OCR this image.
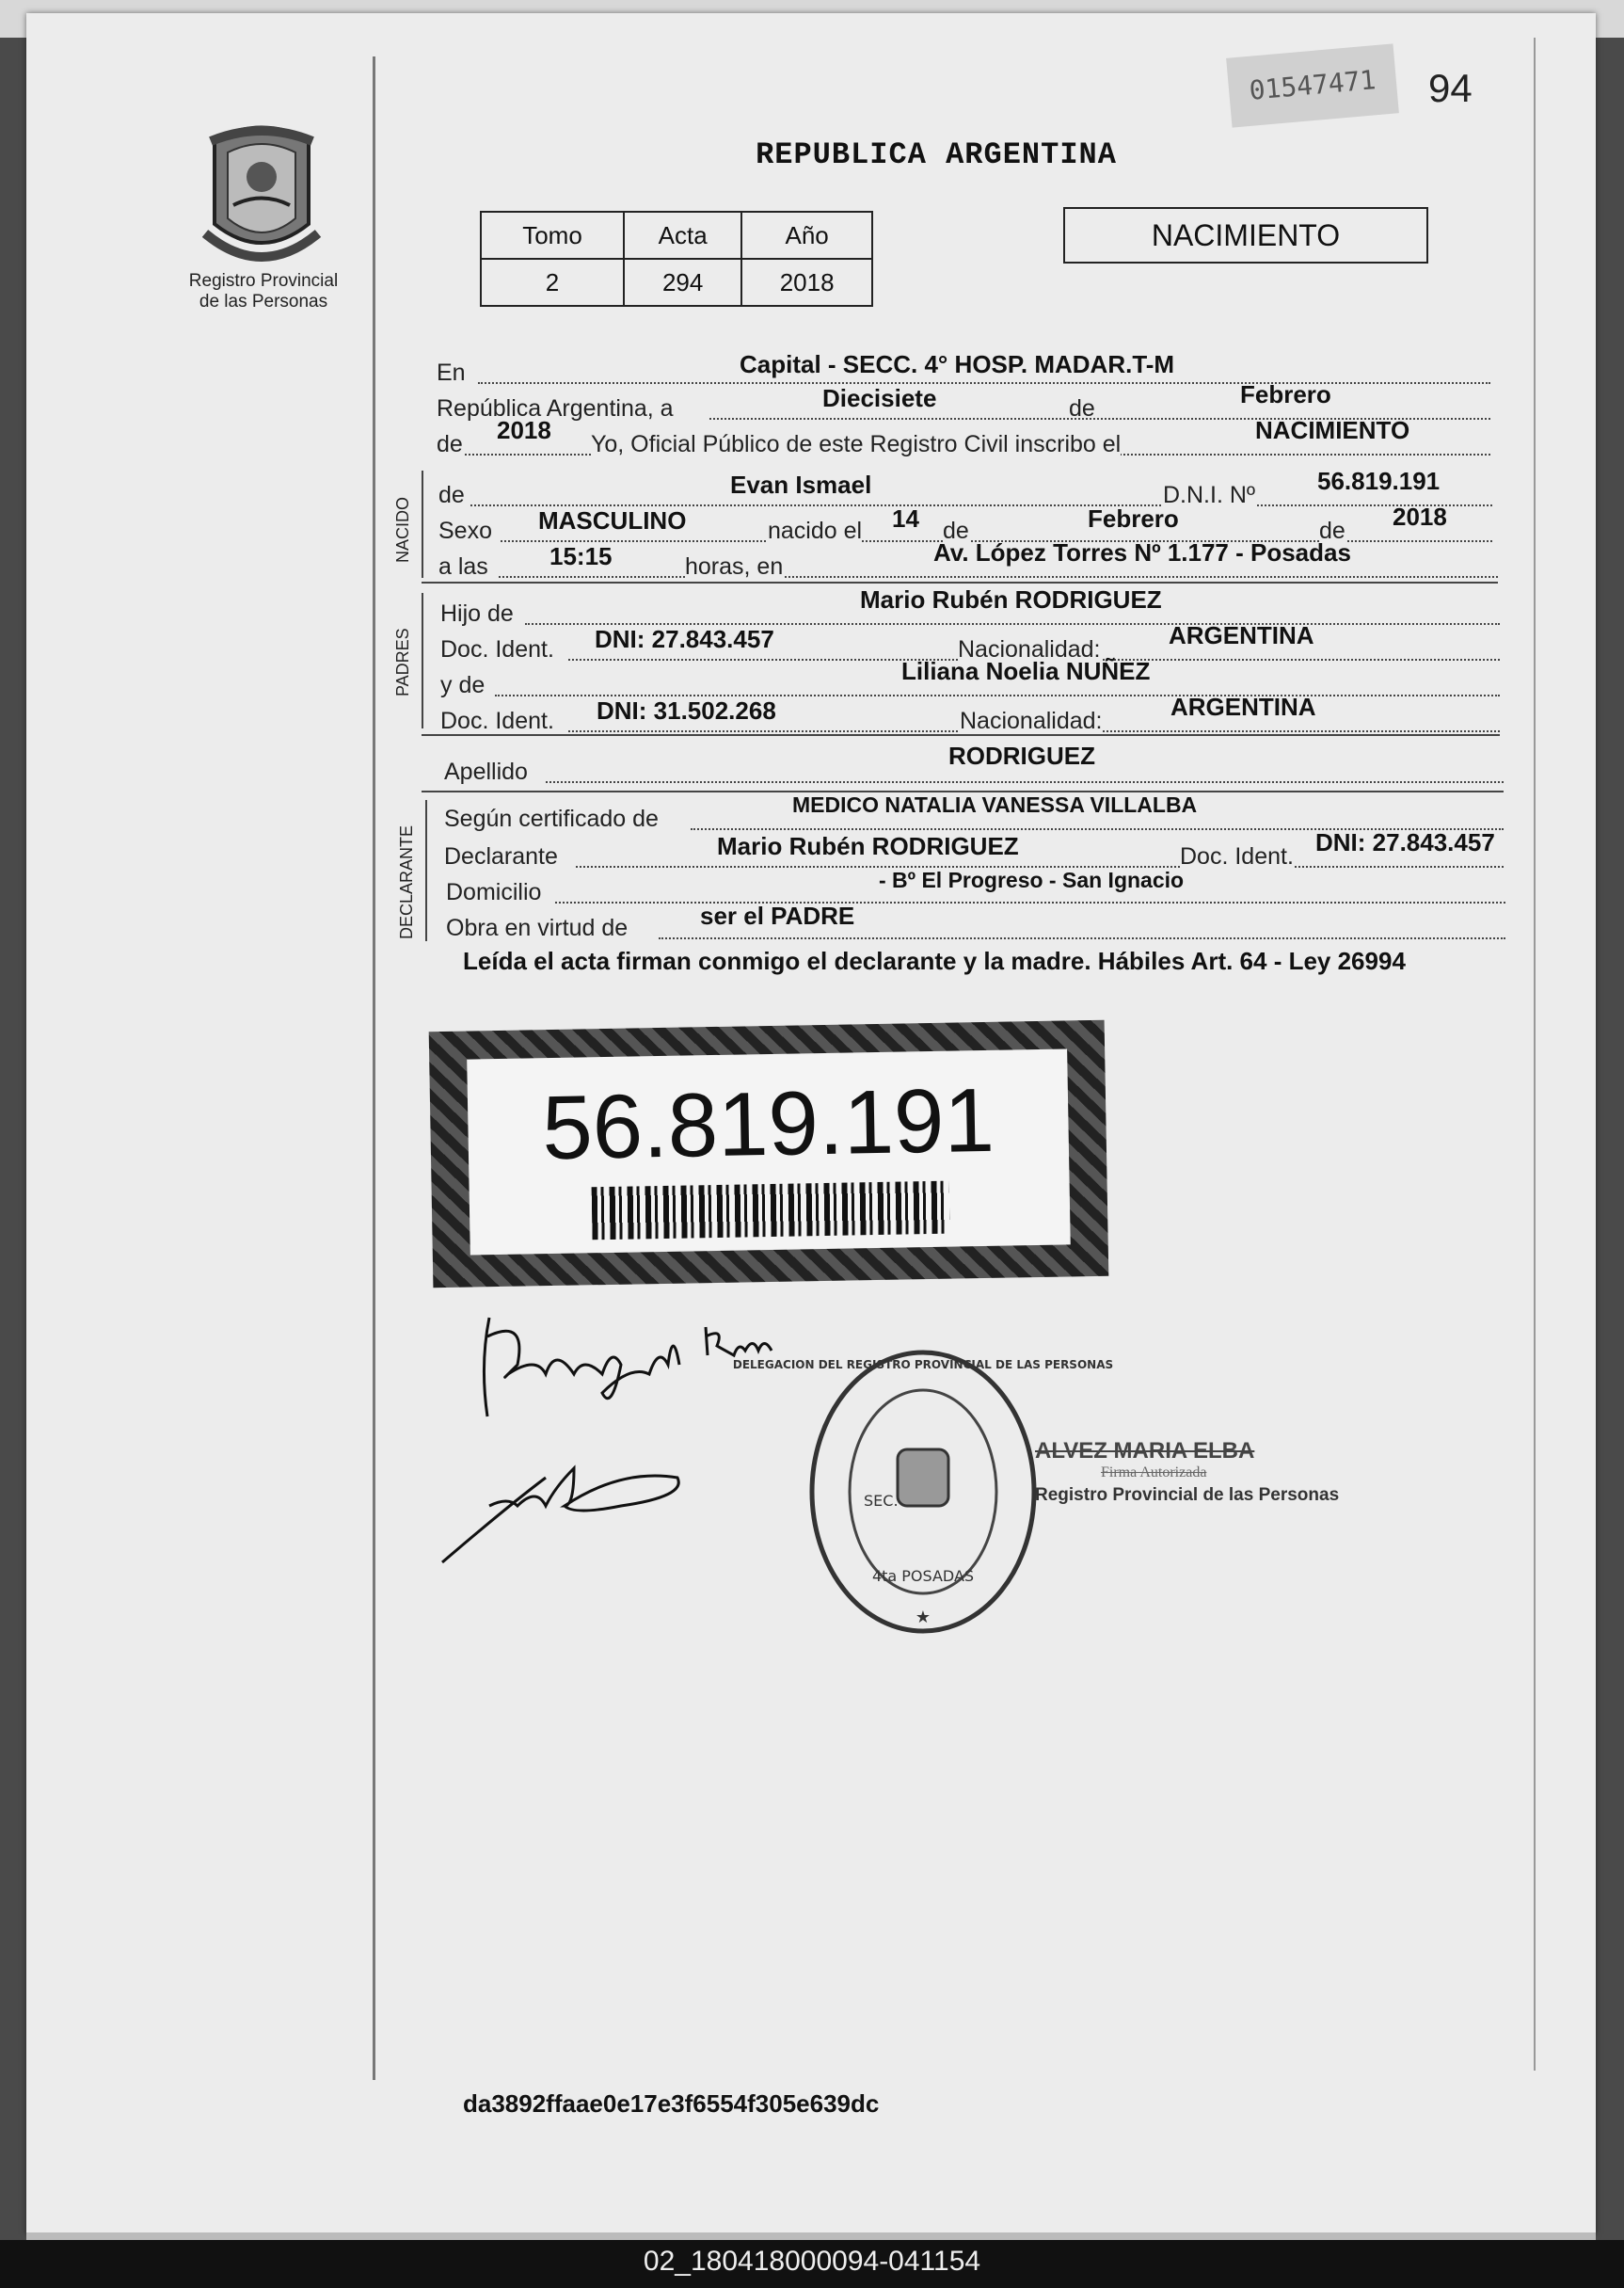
Registro Provincial
de las Personas
REPUBLICA ARGENTINA
01547471	94
Tomo	Acta	Año
2	294	2018
NACIMIENTO
En	Capital - SECC. 4° HOSP. MADAR.T-M
República Argentina, a	Diecisiete	de	Febrero
de 2018 Yo, Oficial Público de este Registro Civil inscribo el	NACIMIENTO
NACIDO
de	Evan Ismael	D.N.I. Nº	56.819.191
Sexo MASCULINO	nacido el 14 de	Febrero	de 2018
a las	15:15	horas, en	Av. López Torres Nº 1.177 - Posadas
PADRES
Hijo de	Mario Rubén RODRIGUEZ
Doc. Ident. DNI: 27.843.457	Nacionalidad:	ARGENTINA
y de	Liliana Noelia NUÑEZ
Doc. Ident. DNI: 31.502.268	Nacionalidad:	ARGENTINA
Apellido
RODRIGUEZ
DECLARANTE
Según certificado de
MEDICO NATALIA VANESSA VILLALBA
Declarante	Mario Rubén RODRIGUEZ	Doc. Ident. DNI: 27.843.457
Domicilio	- Bº El Progreso - San Ignacio
Obra en virtud de	ser el PADRE
Leída el acta firman conmigo el declarante y la madre. Hábiles Art. 64 - Ley 26994
56.819.191
DELEGACION DEL REGISTRO PROVINCIAL DE LAS PERSONAS
SEC.
4ta POSADAS
★
ALVEZ MARIA ELBA
Firma Autorizada
Registro Provincial de las Personas
da3892ffaae0e17e3f6554f305e639dc
02_180418000094-041154
